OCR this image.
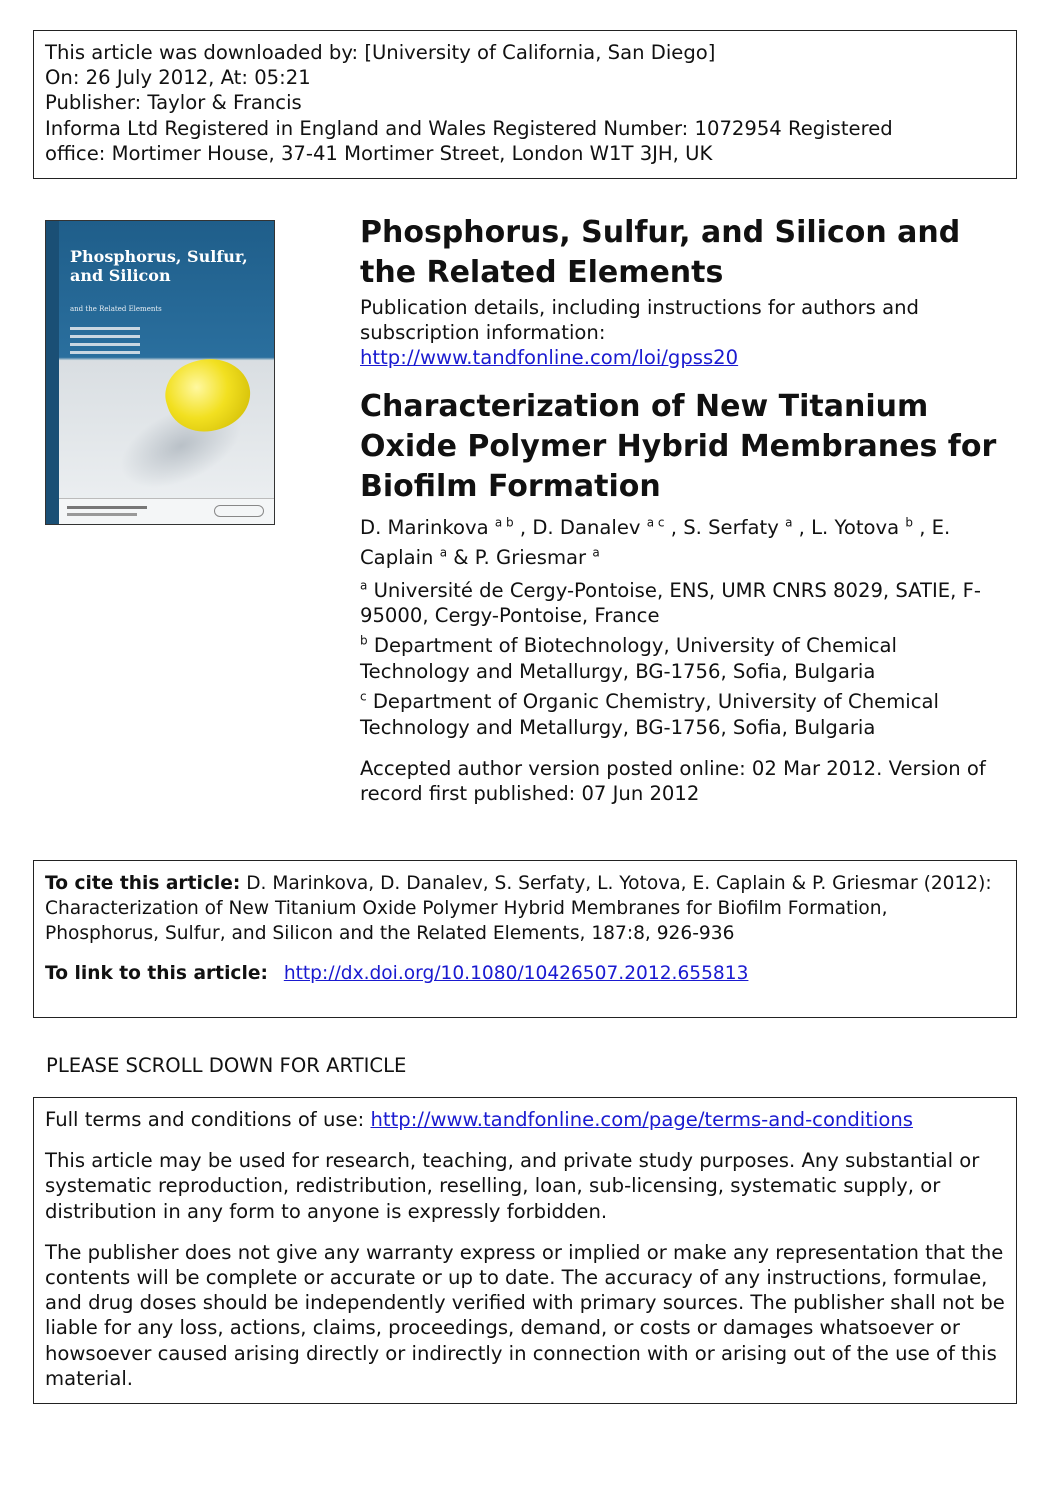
This article was downloaded by: [University of California, San Diego]
On: 26 July 2012, At: 05:21
Publisher: Taylor & Francis
Informa Ltd Registered in England and Wales Registered Number: 1072954 Registered
office: Mortimer House, 37-41 Mortimer Street, London W1T 3JH, UK
Phosphorus, Sulfur, and Silicon
and the Related Elements
Phosphorus, Sulfur, and Silicon and the Related Elements
Publication details, including instructions for authors and subscription information:
http://www.tandfonline.com/loi/gpss20
Characterization of New Titanium Oxide Polymer Hybrid Membranes for Biofilm Formation
D. Marinkova $^{a b}$ , D. Danalev $^{a c}$ , S. Serfaty $^a$ , L. Yotova $^b$ , E. Caplain $^a$ & P. Griesmar $^a$
$^a$ Université de Cergy-Pontoise, ENS, UMR CNRS 8029, SATIE, F-95000, Cergy-Pontoise, France
$^b$ Department of Biotechnology, University of Chemical Technology and Metallurgy, BG-1756, Sofia, Bulgaria
$^c$ Department of Organic Chemistry, University of Chemical Technology and Metallurgy, BG-1756, Sofia, Bulgaria
Accepted author version posted online: 02 Mar 2012. Version of record first published: 07 Jun 2012
To cite this article: D. Marinkova, D. Danalev, S. Serfaty, L. Yotova, E. Caplain & P. Griesmar (2012): Characterization of New Titanium Oxide Polymer Hybrid Membranes for Biofilm Formation, Phosphorus, Sulfur, and Silicon and the Related Elements, 187:8, 926-936
To link to this article: http://dx.doi.org/10.1080/10426507.2012.655813
PLEASE SCROLL DOWN FOR ARTICLE

Full terms and conditions of use: http://www.tandfonline.com/page/terms-and-conditions

This article may be used for research, teaching, and private study purposes. Any substantial or systematic reproduction, redistribution, reselling, loan, sub-licensing, systematic supply, or distribution in any form to anyone is expressly forbidden.

The publisher does not give any warranty express or implied or make any representation that the contents will be complete or accurate or up to date. The accuracy of any instructions, formulae, and drug doses should be independently verified with primary sources. The publisher shall not be liable for any loss, actions, claims, proceedings, demand, or costs or damages whatsoever or howsoever caused arising directly or indirectly in connection with or arising out of the use of this material.
